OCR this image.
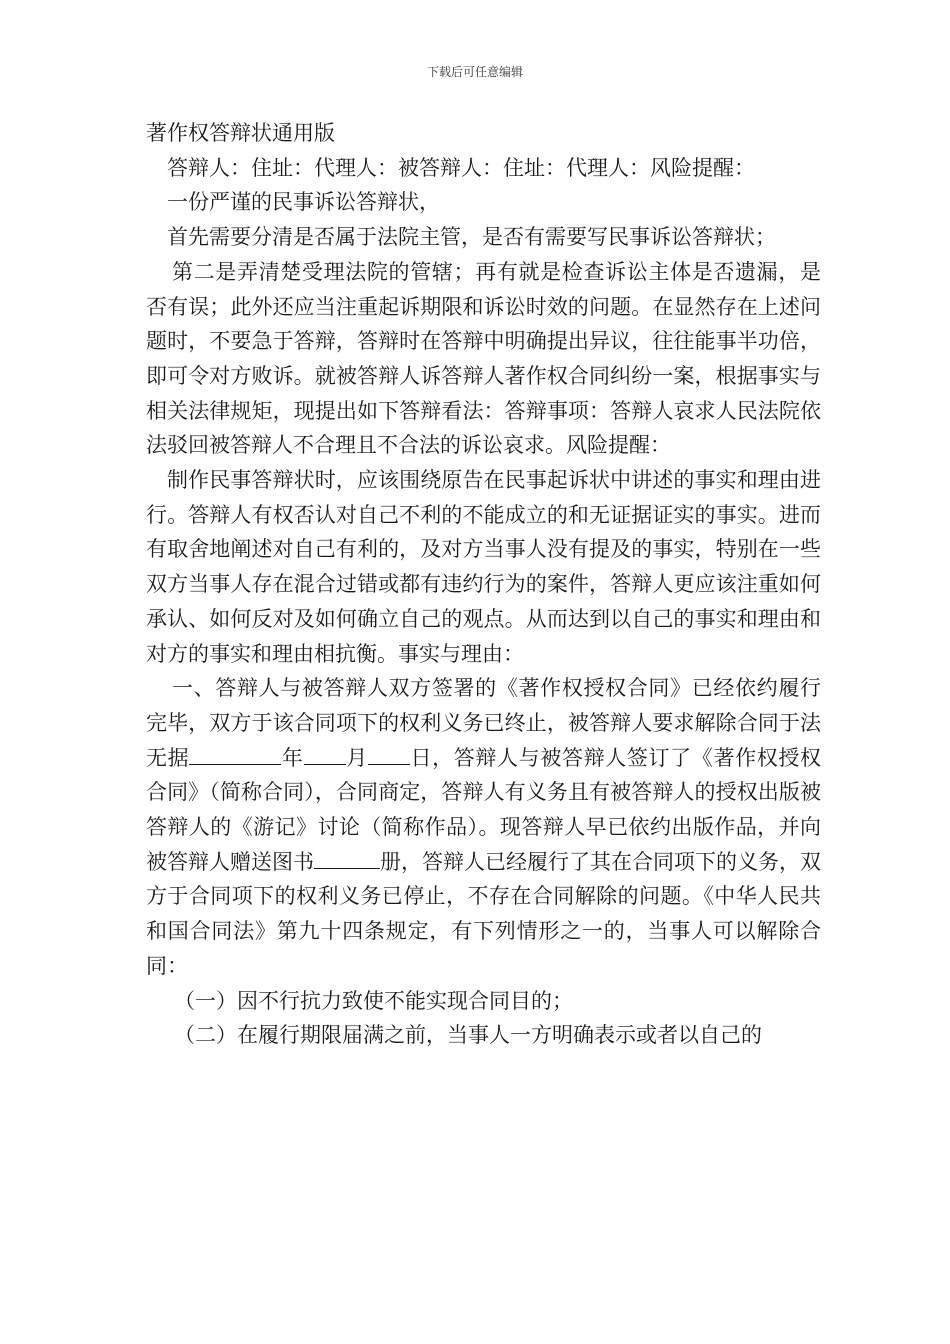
下载后可任意编辑

著作权答辩状通用版

答辩人：住址：代理人：被答辩人：住址：代理人：风险提醒：

一份严谨的民事诉讼答辩状，

首先需要分清是否属于法院主管，是否有需要写民事诉讼答辩状；

第二是弄清楚受理法院的管辖；再有就是检查诉讼主体是否遗漏，是否有误；此外还应当注重起诉期限和诉讼时效的问题。在显然存在上述问题时，不要急于答辩，答辩时在答辩中明确提出异议，往往能事半功倍，即可令对方败诉。就被答辩人诉答辩人著作权合同纠纷一案，根据事实与相关法律规矩，现提出如下答辩看法：答辩事项：答辩人哀求人民法院依法驳回被答辩人不合理且不合法的诉讼哀求。风险提醒：

制作民事答辩状时，应该围绕原告在民事起诉状中讲述的事实和理由进行。答辩人有权否认对自己不利的不能成立的和无证据证实的事实。进而有取舍地阐述对自己有利的，及对方当事人没有提及的事实，特别在一些双方当事人存在混合过错或都有违约行为的案件，答辩人更应该注重如何承认、如何反对及如何确立自己的观点。从而达到以自己的事实和理由和对方的事实和理由相抗衡。事实与理由：

一、答辩人与被答辩人双方签署的《著作权授权合同》已经依约履行完毕，双方于该合同项下的权利义务已终止，被答辩人要求解除合同于法无据	年 月 日，答辩人与被答辩人签订了《著作权授权合同》（简称合同），合同商定，答辩人有义务且有被答辩人的授权出版被答辩人的《游记》讨论（简称作品）。现答辩人早已依约出版作品，并向被答辩人赠送图书	册，答辩人已经履行了其在合同项下的义务，双方于合同项下的权利义务已停止，不存在合同解除的问题。《中华人民共和国合同法》第九十四条规定，有下列情形之一的，当事人可以解除合同：

（一）因不行抗力致使不能实现合同目的；

（二）在履行期限届满之前，当事人一方明确表示或者以自己的
